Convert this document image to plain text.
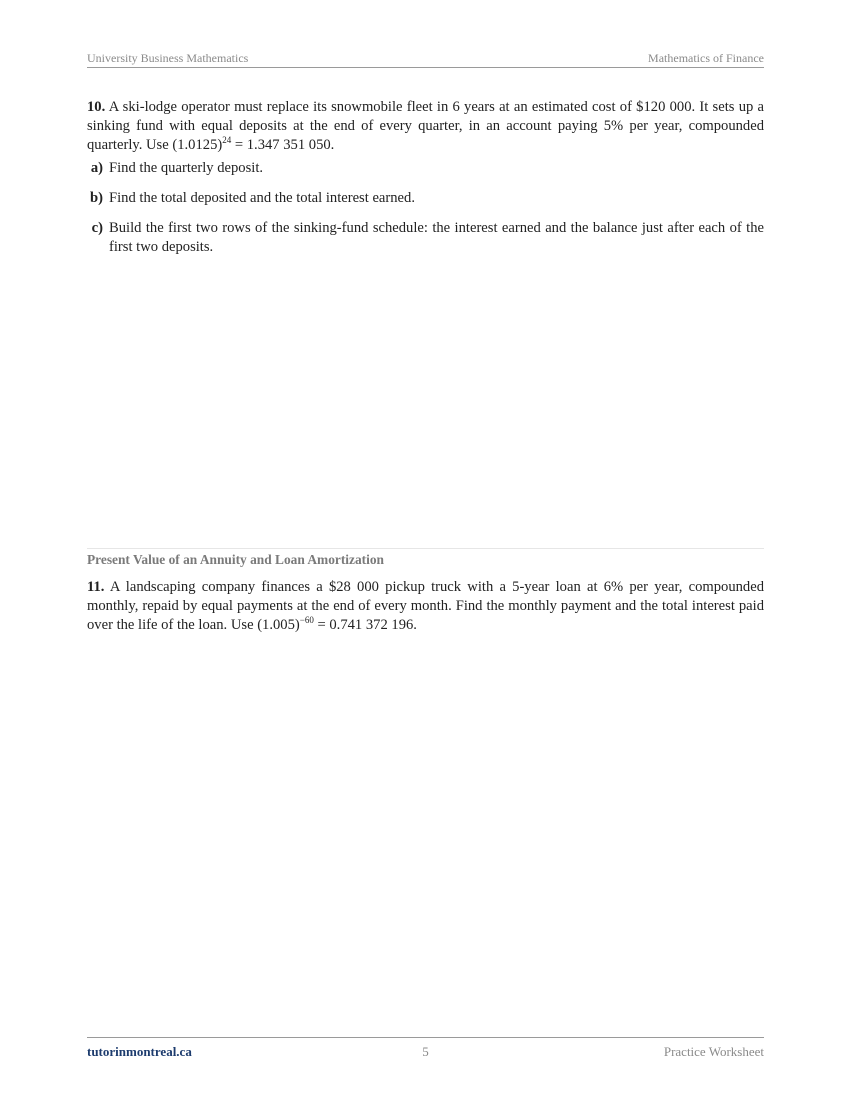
University Business Mathematics	Mathematics of Finance
10. A ski-lodge operator must replace its snowmobile fleet in 6 years at an estimated cost of $120 000. It sets up a sinking fund with equal deposits at the end of every quarter, in an account paying 5% per year, compounded quarterly. Use $(1.0125)^{24} = 1.347$ 351 050.
a) Find the quarterly deposit.
b) Find the total deposited and the total interest earned.
c) Build the first two rows of the sinking-fund schedule: the interest earned and the balance just after each of the first two deposits.
Present Value of an Annuity and Loan Amortization
11. A landscaping company finances a $28 000 pickup truck with a 5-year loan at 6% per year, compounded monthly, repaid by equal payments at the end of every month. Find the monthly payment and the total interest paid over the life of the loan. Use $(1.005)^{-60} = 0.741$ 372 196.
tutorinmontreal.ca	5	Practice Worksheet
